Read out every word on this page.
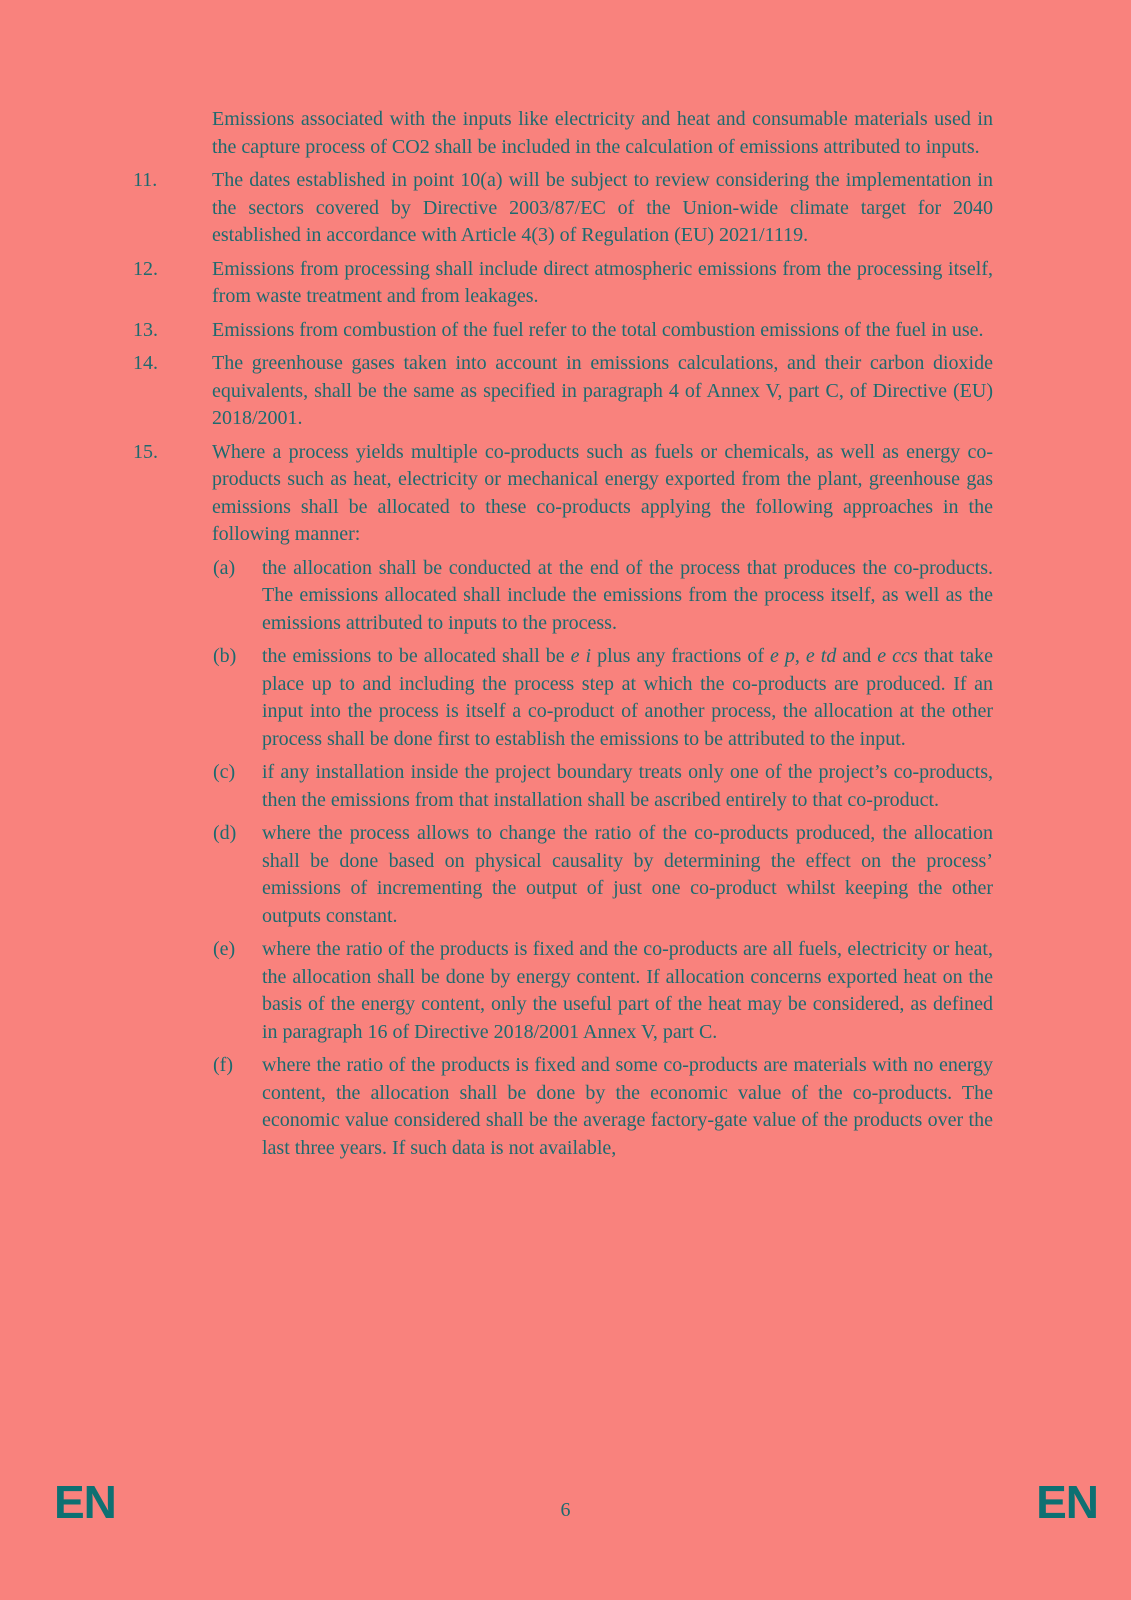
Emissions associated with the inputs like electricity and heat and consumable materials used in the capture process of CO2 shall be included in the calculation of emissions attributed to inputs.

11.	The dates established in point 10(a) will be subject to review considering the implementation in the sectors covered by Directive 2003/87/EC of the Union-wide climate target for 2040 established in accordance with Article 4(3) of Regulation (EU) 2021/1119.
12.	Emissions from processing shall include direct atmospheric emissions from the processing itself, from waste treatment and from leakages.
13.	Emissions from combustion of the fuel refer to the total combustion emissions of the fuel in use.
14.	The greenhouse gases taken into account in emissions calculations, and their carbon dioxide equivalents, shall be the same as specified in paragraph 4 of Annex V, part C, of Directive (EU) 2018/2001.
15.	Where a process yields multiple co-products such as fuels or chemicals, as well as energy co-products such as heat, electricity or mechanical energy exported from the plant, greenhouse gas emissions shall be allocated to these co-products applying the following approaches in the following manner:
(a)	the allocation shall be conducted at the end of the process that produces the co-products. The emissions allocated shall include the emissions from the process itself, as well as the emissions attributed to inputs to the process.
(b)	the emissions to be allocated shall be e i plus any fractions of e p, e td and e ccs that take place up to and including the process step at which the co-products are produced. If an input into the process is itself a co-product of another process, the allocation at the other process shall be done first to establish the emissions to be attributed to the input.
(c)	if any installation inside the project boundary treats only one of the project’s co-products, then the emissions from that installation shall be ascribed entirely to that co-product.
(d)	where the process allows to change the ratio of the co-products produced, the allocation shall be done based on physical causality by determining the effect on the process’ emissions of incrementing the output of just one co-product whilst keeping the other outputs constant.
(e)	where the ratio of the products is fixed and the co-products are all fuels, electricity or heat, the allocation shall be done by energy content. If allocation concerns exported heat on the basis of the energy content, only the useful part of the heat may be considered, as defined in paragraph 16 of Directive 2018/2001 Annex V, part C.
(f)	where the ratio of the products is fixed and some co-products are materials with no energy content, the allocation shall be done by the economic value of the co-products. The economic value considered shall be the average factory-gate value of the products over the last three years. If such data is not available,
EN	6	EN
